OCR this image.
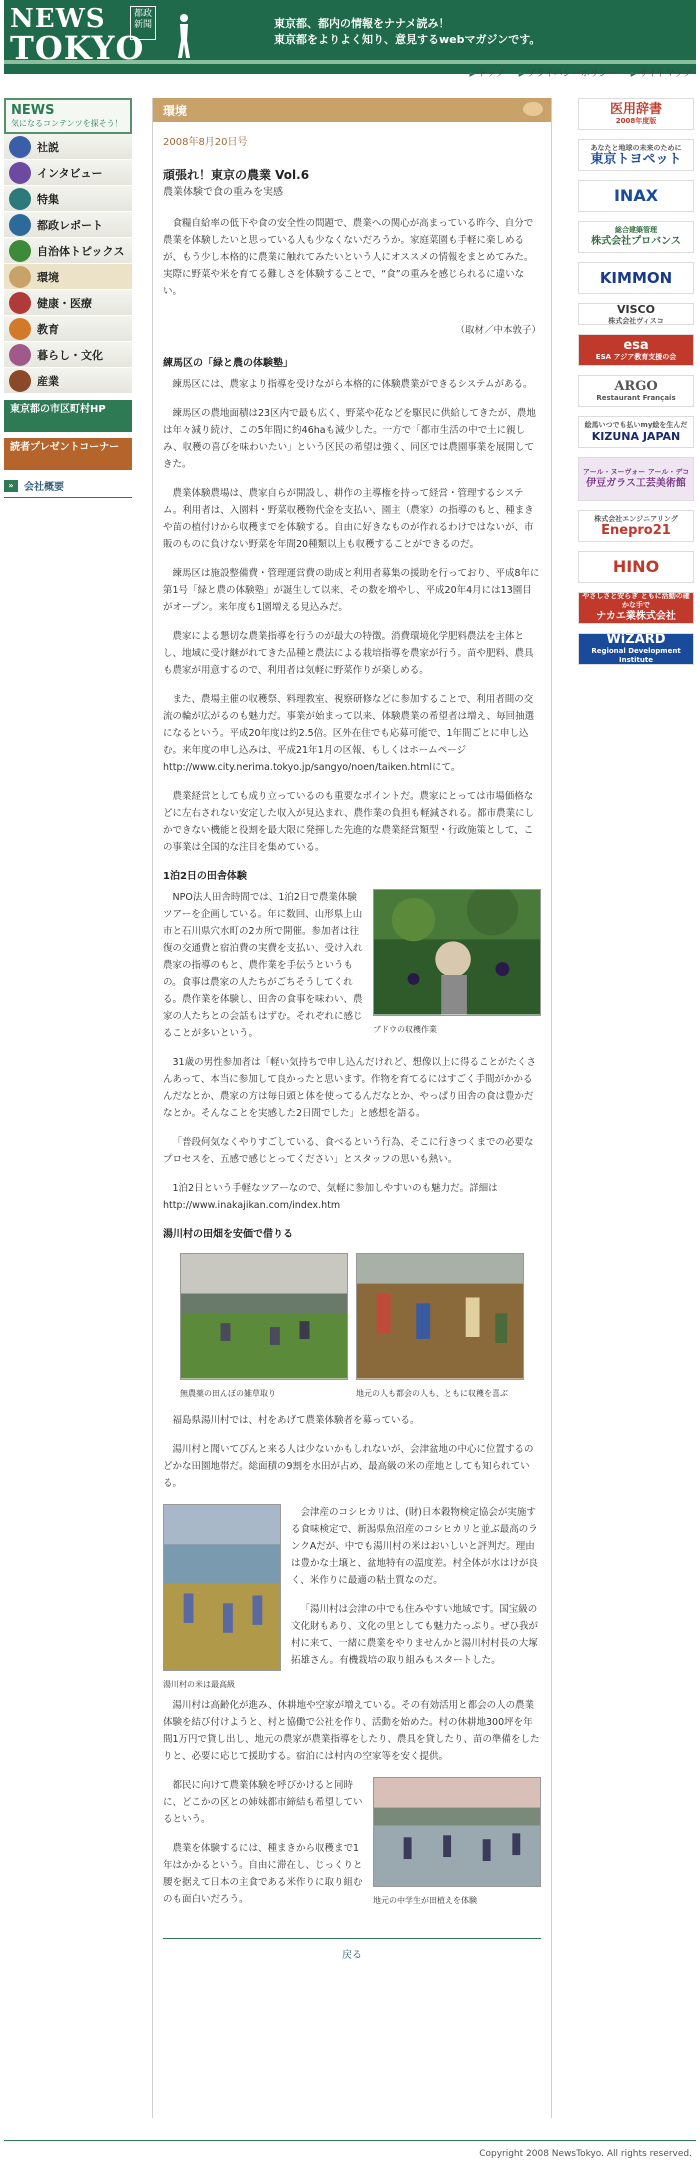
NEWS
TOKYO
都政新聞	東京都、都内の情報をナナメ読み！
東京都をよりよく知り、意見するwebマガジンです。
▶ トップ	▶ プライバシーポリシー	▶ サイトマップ
NEWS
気になるコンテンツを探そう！
社説
インタビュー
特集
都政レポート
自治体トピックス
環境
健康・医療
教育
暮らし・文化
産業
東京都の市区町村HP
読者プレゼントコーナー
»	会社概要
環境
2008年8月20日号
頑張れ！東京の農業 Vol.6
農業体験で食の重みを実感

食糧自給率の低下や食の安全性の問題で、農業への関心が高まっている昨今、自分で農業を体験したいと思っている人も少なくないだろうか。家庭菜園も手軽に楽しめるが、もう少し本格的に農業に触れてみたいという人にオススメの情報をまとめてみた。実際に野菜や米を育てる難しさを体験することで、“食”の重みを感じられるに違いない。

（取材／中本敦子）
練馬区の「緑と農の体験塾」

練馬区には、農家より指導を受けながら本格的に体験農業ができるシステムがある。

練馬区の農地面積は23区内で最も広く、野菜や花などを駆民に供給してきたが、農地は年々減り続け、この5年間に約46haも減少した。一方で「都市生活の中で土に親しみ、収穫の喜びを味わいたい」という区民の希望は強く、同区では農園事業を展開してきた。

農業体験農場は、農家自らが開設し、耕作の主導権を持って経営・管理するシステム。利用者は、入園料・野菜収穫物代金を支払い、園主（農家）の指導のもと、種まきや苗の植付けから収穫までを体験する。自由に好きなものが作れるわけではないが、市販のものに負けない野菜を年間20種類以上も収穫することができるのだ。

練馬区は施設整備費・管理運営費の助成と利用者募集の援助を行っており、平成8年に第1号「緑と農の体験塾」が誕生して以来、その数を増やし、平成20年4月には13園目がオープン。来年度も1園増える見込みだ。

農家による懇切な農業指導を行うのが最大の特徴。消費環境化学肥料農法を主体とし、地域に受け継がれてきた品種と農法による栽培指導を農家が行う。苗や肥料、農具も農家が用意するので、利用者は気軽に野菜作りが楽しめる。

また、農場主催の収穫祭、料理教室、視察研修などに参加することで、利用者間の交流の輪が広がるのも魅力だ。事業が始まって以来、体験農業の希望者は増え、毎回抽選になるという。平成20年度は約2.5倍。区外在住でも応募可能で、1年間ごとに申し込む。来年度の申し込みは、平成21年1月の区報、もしくはホームページ

http://www.city.nerima.tokyo.jp/sangyo/noen/taiken.htmlにて。

農業経営としても成り立っているのも重要なポイントだ。農家にとっては市場価格などに左右されない安定した収入が見込まれ、農作業の負担も軽減される。都市農業にしかできない機能と役割を最大限に発揮した先進的な農業経営類型・行政施策として、この事業は全国的な注目を集めている。

1泊2日の田舎体験
ブドウの収穫作業

NPO法人田舎時間では、1泊2日で農業体験ツアーを企画している。年に数回、山形県上山市と石川県穴水町の2カ所で開催。参加者は往復の交通費と宿泊費の実費を支払い、受け入れ農家の指導のもと、農作業を手伝うというもの。食事は農家の人たちがごちそうしてくれる。農作業を体験し、田舎の食事を味わい、農家の人たちとの会話もはずむ。それぞれに感じることが多いという。

31歳の男性参加者は「軽い気持ちで申し込んだけれど、想像以上に得ることがたくさんあって、本当に参加して良かったと思います。作物を育てるにはすごく手間がかかるんだなとか、農家の方は毎日頭と体を使ってるんだなとか、やっぱり田舎の食は豊かだなとか。そんなことを実感した2日間でした」と感想を語る。

「普段何気なくやりすごしている、食べるという行為、そこに行きつくまでの必要なプロセスを、五感で感じとってください」とスタッフの思いも熱い。

1泊2日という手軽なツアーなので、気軽に参加しやすいのも魅力だ。詳細はhttp://www.inakajikan.com/index.htm

湯川村の田畑を安価で借りる
無農薬の田んぼの雑草取り	地元の人も都会の人も、ともに収穫を喜ぶ

福島県湯川村では、村をあげて農業体験者を募っている。

湯川村と聞いてぴんと来る人は少ないかもしれないが、会津盆地の中心に位置するのどかな田園地帯だ。総面積の9割を水田が占め、最高級の米の産地としても知られている。

湯川村の米は最高級

会津産のコシヒカリは、(財)日本穀物検定協会が実施する食味検定で、新潟県魚沼産のコシヒカリと並ぶ最高のランクAだが、中でも湯川村の米はおいしいと評判だ。理由は豊かな土壌と、盆地特有の温度差。村全体が水はけが良く、米作りに最適の粘土質なのだ。

「湯川村は会津の中でも住みやすい地域です。国宝級の文化財もあり、文化の里としても魅力たっぷり。ぜひ我が村に来て、一緒に農業をやりませんかと湯川村村長の大塚拓雄さん。有機栽培の取り組みもスタートした。

湯川村は高齢化が進み、休耕地や空家が増えている。その有効活用と都会の人の農業体験を結び付けようと、村と協働で公社を作り、活動を始めた。村の休耕地300坪を年間1万円で貸し出し、地元の農家が農業指導をしたり、農具を貸したり、苗の準備をしたりと、必要に応じて援助する。宿泊には村内の空家等を安く提供。

地元の中学生が田植えを体験

都民に向けて農業体験を呼びかけると同時に、どこかの区との姉妹都市締結も希望しているという。

農業を体験するには、種まきから収穫まで1年はかかるという。自由に滞在し、じっくりと腰を据えて日本の主食である米作りに取り組むのも面白いだろう。

戻る
医用辞書
2008年度版
あなたと地球の未来のために
東京トヨペット
INAX
総合建築管理
株式会社プロバンス
KIMMON
VISCO
株式会社ヴィスコ
esa
ESA アジア教育支援の会
ARGO
Restaurant Français
絵馬いつでも払いmy絵を生んだ
KIZUNA JAPAN
アール・ヌーヴォー アール・デコ
伊豆ガラス工芸美術館
株式会社エンジニアリング
Enepro21
HINO
やさしさと安らぎ ともに活動の確かな手で
ナカエ業株式会社
WiZARD
Regional Development Institute
Copyright 2008 NewsTokyo. All rights reserved.
